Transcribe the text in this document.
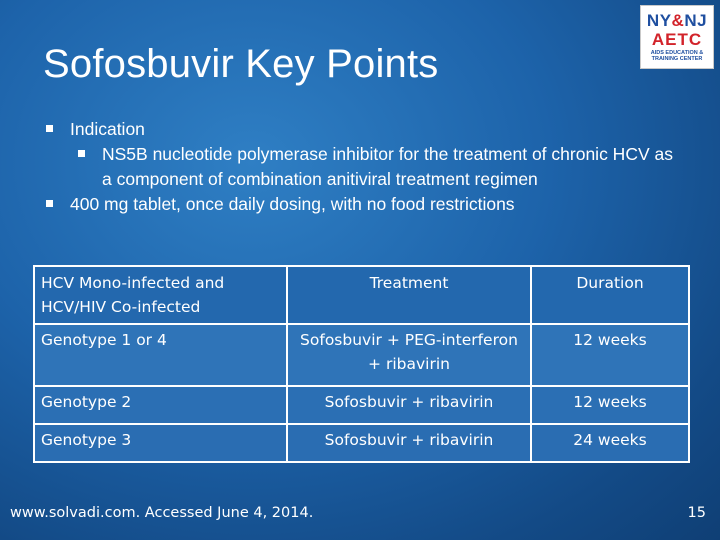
Sofosbuvir Key Points
NY&NJ
AETC
AIDS EDUCATION & TRAINING CENTER
Indication
NS5B nucleotide polymerase inhibitor for the treatment of chronic HCV as a component of combination anitiviral treatment regimen
400 mg tablet, once daily dosing, with no food restrictions
HCV Mono-infected and HCV/HIV Co-infected	Treatment	Duration
Genotype 1 or 4	Sofosbuvir + PEG-interferon + ribavirin	12 weeks
Genotype 2	Sofosbuvir + ribavirin	12 weeks
Genotype 3	Sofosbuvir + ribavirin	24 weeks
www.solvadi.com. Accessed June 4, 2014.	15
